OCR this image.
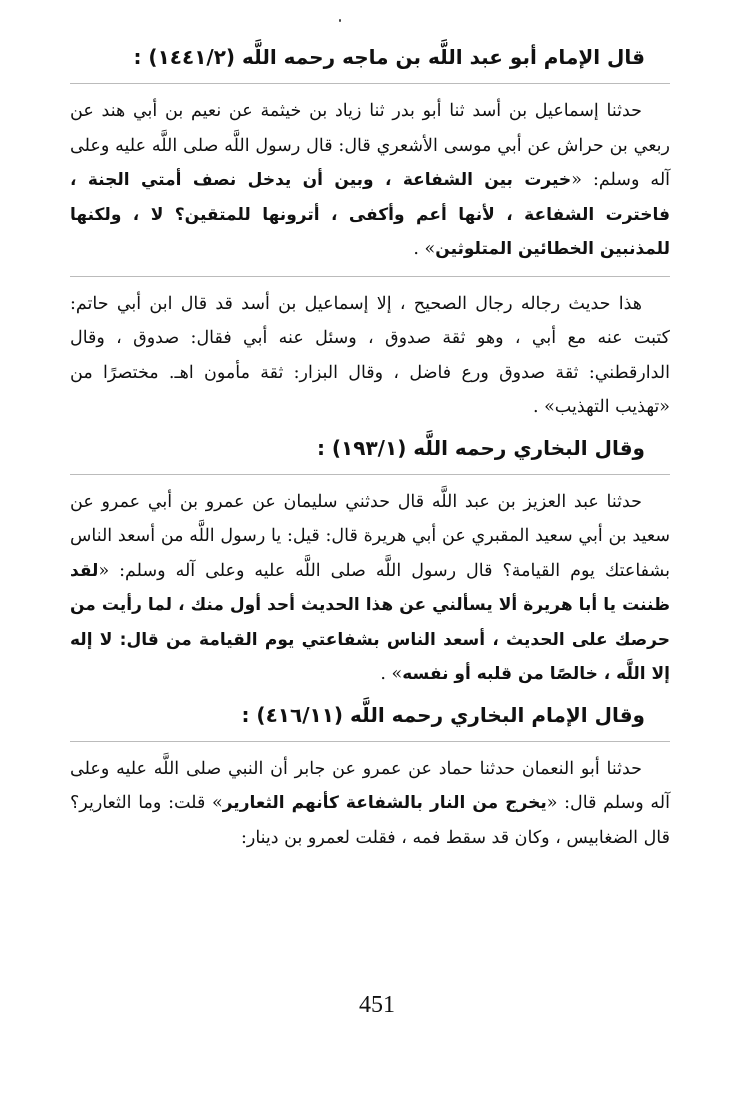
قال الإمام أبو عبد اللَّه بن ماجه رحمه اللَّه (١٤٤١/٢) :

حدثنا إسماعيل بن أسد ثنا أبو بدر ثنا زياد بن خيثمة عن نعيم بن أبي هند عن ربعي بن حراش عن أبي موسى الأشعري قال: قال رسول اللَّه صلى اللَّه عليه وعلى آله وسلم: «خيرت بين الشفاعة ، وبين أن يدخل نصف أمتي الجنة ، فاخترت الشفاعة ، لأنها أعم وأكفى ، أترونها للمتقين؟ لا ، ولكنها للمذنبين الخطائين المتلوثين» .

هذا حديث رجاله رجال الصحيح ، إلا إسماعيل بن أسد قد قال ابن أبي حاتم: كتبت عنه مع أبي ، وهو ثقة صدوق ، وسئل عنه أبي فقال: صدوق ، وقال الدارقطني: ثقة صدوق ورع فاضل ، وقال البزار: ثقة مأمون اهـ. مختصرًا من «تهذيب التهذيب» .

وقال البخاري رحمه اللَّه (١٩٣/١) :

حدثنا عبد العزيز بن عبد اللَّه قال حدثني سليمان عن عمرو بن أبي عمرو عن سعيد بن أبي سعيد المقبري عن أبي هريرة قال: قيل: يا رسول اللَّه من أسعد الناس بشفاعتك يوم القيامة؟ قال رسول اللَّه صلى اللَّه عليه وعلى آله وسلم: «لقد ظننت يا أبا هريرة ألا يسألني عن هذا الحديث أحد أول منك ، لما رأيت من حرصك على الحديث ، أسعد الناس بشفاعتي يوم القيامة من قال: لا إله إلا اللَّه ، خالصًا من قلبه أو نفسه» .

وقال الإمام البخاري رحمه اللَّه (٤١٦/١١) :

حدثنا أبو النعمان حدثنا حماد عن عمرو عن جابر أن النبي صلى اللَّه عليه وعلى آله وسلم قال: «يخرج من النار بالشفاعة كأنهم الثعارير» قلت: وما الثعارير؟ قال الضغابيس ، وكان قد سقط فمه ، فقلت لعمرو بن دينار:

451
